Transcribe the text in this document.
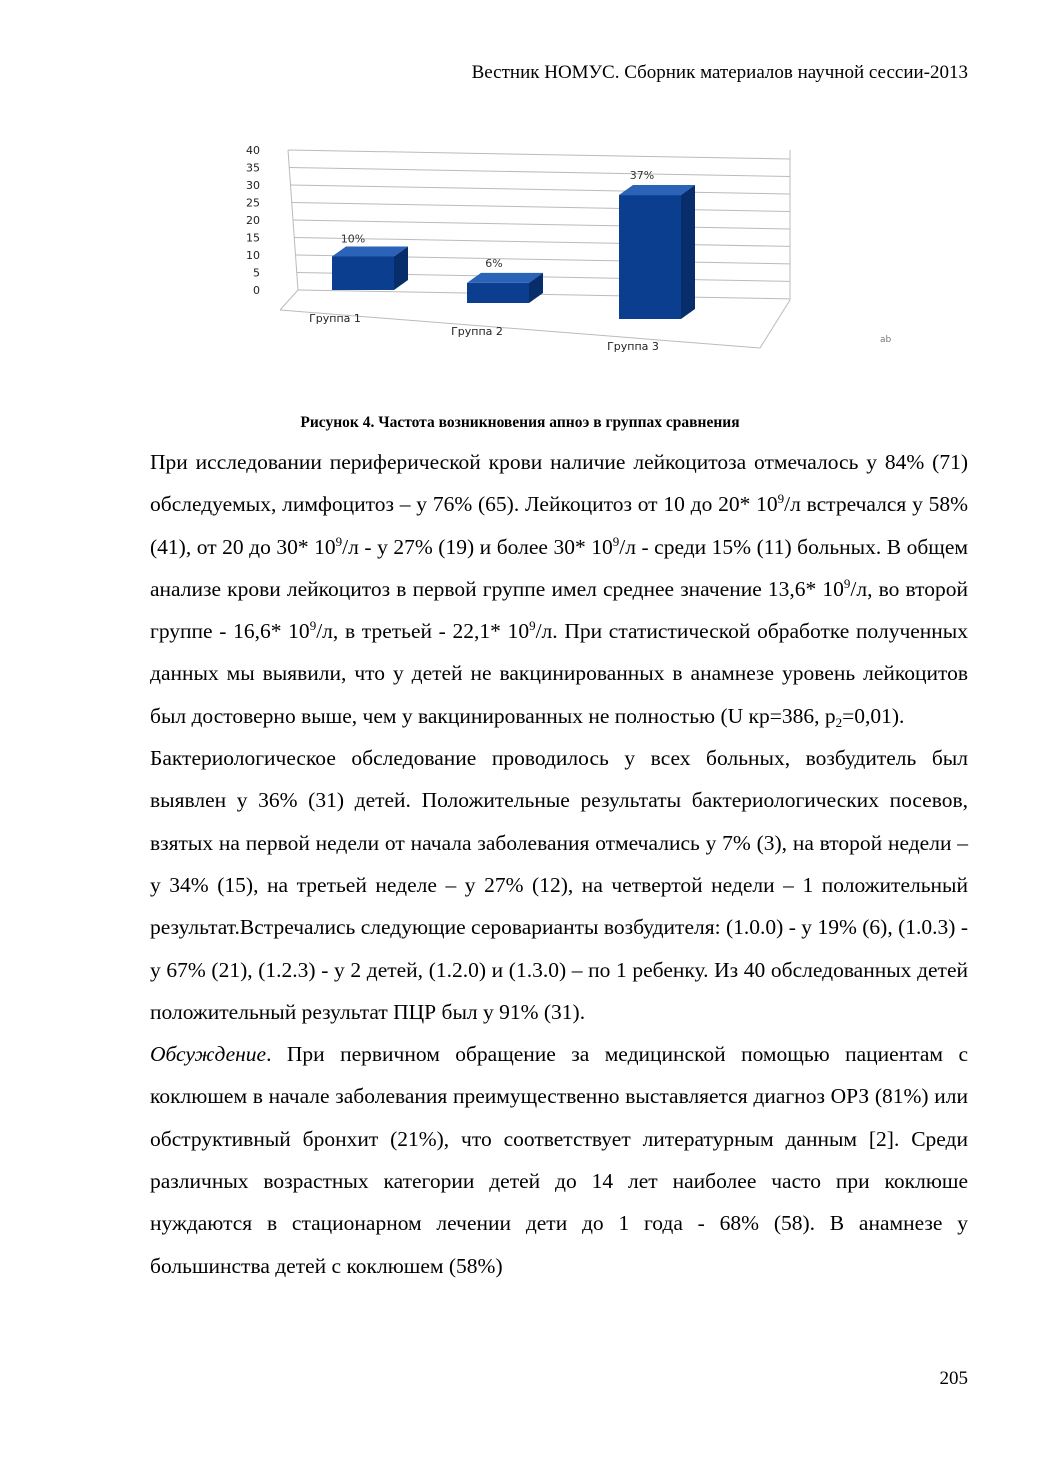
Вестник НОМУС. Сборник материалов научной сессии-2013
0
5
10
15
20
25
30
35
40
10%
Группа 1
6%
Группа 2
37%
Группа 3	ab
Рисунок 4. Частота возникновения апноэ в группах сравнения

При исследовании периферической крови наличие лейкоцитоза отмечалось у 84% (71) обследуемых, лимфоцитоз – у 76% (65). Лейкоцитоз от 10 до 20* $10^9/л$ встречался у 58% (41), от 20 до 30* $10^9/л$ - у 27% (19) и более 30* $10^9/л$ - среди 15% (11) больных. В общем анализе крови лейкоцитоз в первой группе имел среднее значение 13,6* $10^9/л$, во второй группе - 16,6* $10^9/л$, в третьей - 22,1* $10^9/л$. При статистической обработке полученных данных мы выявили, что у детей не вакцинированных в анамнезе уровень лейкоцитов был достоверно выше, чем у вакцинированных не полностью (U кр=386, $p_2=0,01$).

Бактериологическое обследование проводилось у всех больных, возбудитель был выявлен у 36% (31) детей. Положительные результаты бактериологических посевов, взятых на первой недели от начала заболевания отмечались у 7% (3), на второй недели – у 34% (15), на третьей неделе – у 27% (12), на четвертой недели – 1 положительный результат.Встречались следующие серoварианты возбудителя: (1.0.0) - у 19% (6), (1.0.3) - у 67% (21), (1.2.3) - у 2 детей, (1.2.0) и (1.3.0) – по 1 ребенку. Из 40 обследованных детей положительный результат ПЦР был у 91% (31).

Обсуждение. При первичном обращение за медицинской помощью пациентам с коклюшем в начале заболевания преимущественно выставляется диагноз ОРЗ (81%) или обструктивный бронхит (21%), что соответствует литературным данным [2]. Среди различных возрастных категории детей до 14 лет наиболее часто при коклюше нуждаются в стационарном лечении дети до 1 года - 68% (58). В анамнезе у большинства детей с коклюшем (58%)

205
